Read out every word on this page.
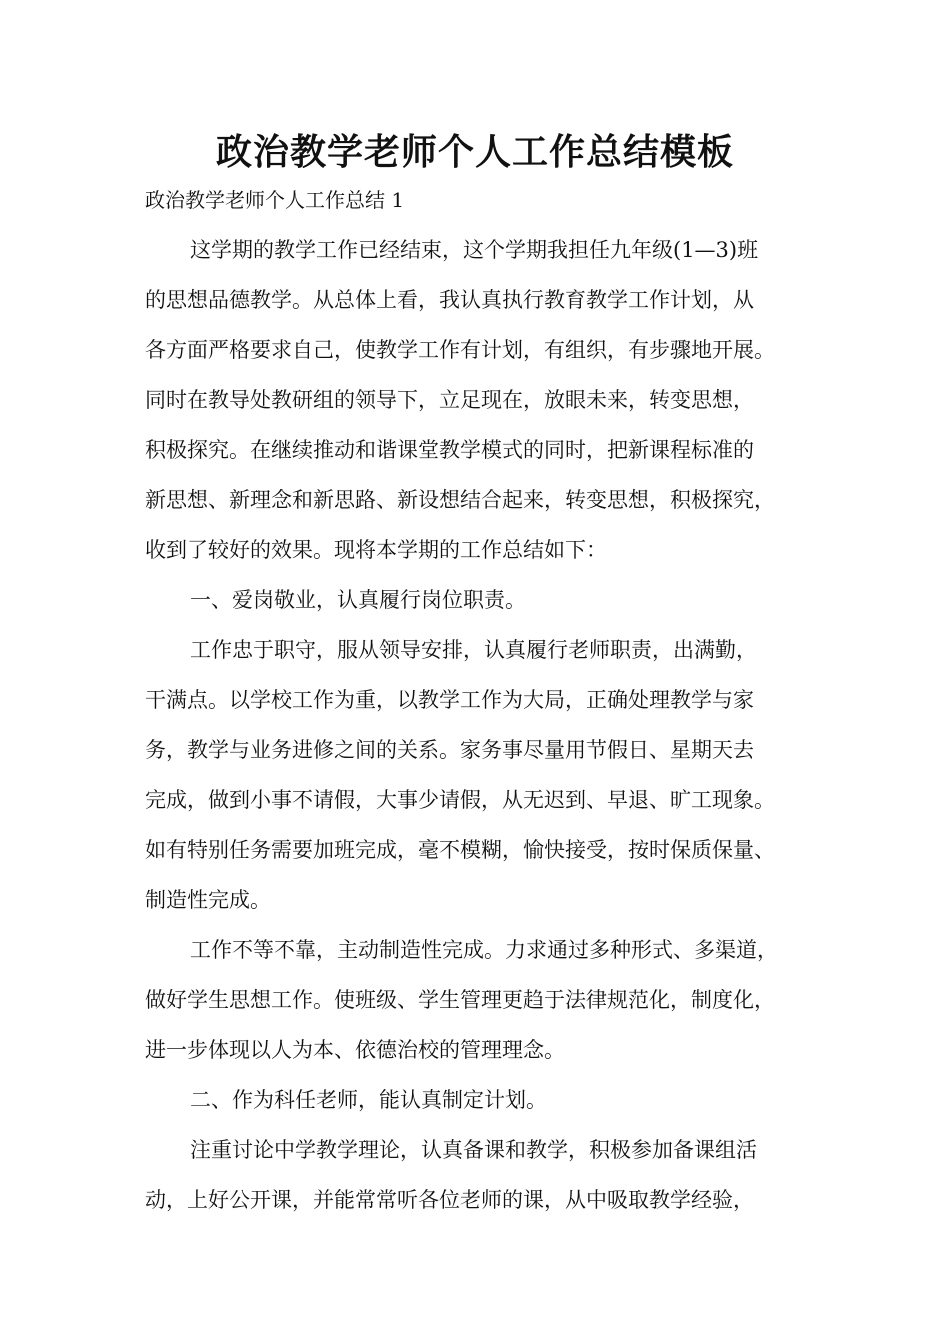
政治教学老师个人工作总结模板

政治教学老师个人工作总结 1

这学期的教学工作已经结束，这个学期我担任九年级(1—3)班

的思想品德教学。从总体上看，我认真执行教育教学工作计划，从

各方面严格要求自己，使教学工作有计划，有组织，有步骤地开展。

同时在教导处教研组的领导下，立足现在，放眼未来，转变思想，

积极探究。在继续推动和谐课堂教学模式的同时，把新课程标准的

新思想、新理念和新思路、新设想结合起来，转变思想，积极探究，

收到了较好的效果。现将本学期的工作总结如下：

一、爱岗敬业，认真履行岗位职责。

工作忠于职守，服从领导安排，认真履行老师职责，出满勤，

干满点。以学校工作为重，以教学工作为大局，正确处理教学与家

务，教学与业务进修之间的关系。家务事尽量用节假日、星期天去

完成，做到小事不请假，大事少请假，从无迟到、早退、旷工现象。

如有特别任务需要加班完成，毫不模糊，愉快接受，按时保质保量、

制造性完成。

工作不等不靠，主动制造性完成。力求通过多种形式、多渠道，

做好学生思想工作。使班级、学生管理更趋于法律规范化，制度化，

进一步体现以人为本、依德治校的管理理念。

二、作为科任老师，能认真制定计划。

注重讨论中学教学理论，认真备课和教学，积极参加备课组活

动，上好公开课，并能常常听各位老师的课，从中吸取教学经验，
